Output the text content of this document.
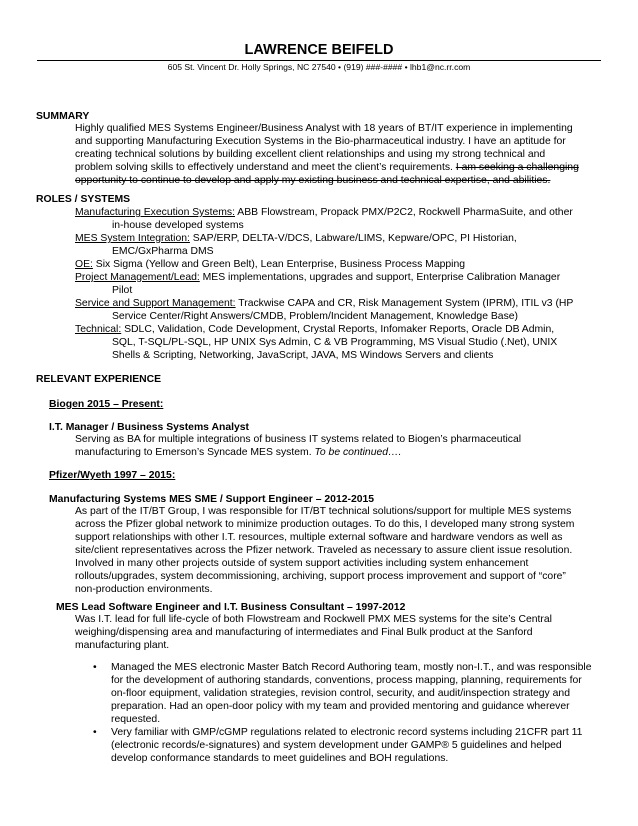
LAWRENCE BEIFELD
605 St. Vincent Dr. Holly Springs, NC 27540 • (919) ###-#### • lhb1@nc.rr.com
SUMMARY

Highly qualified MES Systems Engineer/Business Analyst with 18 years of BT/IT experience in implementing

and supporting Manufacturing Execution Systems in the Bio-pharmaceutical industry. I have an aptitude for

creating technical solutions by building excellent client relationships and using my strong technical and

problem solving skills to effectively understand and meet the client’s requirements. I am seeking a challenging

opportunity to continue to develop and apply my existing business and technical expertise, and abilities.

ROLES / SYSTEMS
Manufacturing Execution Systems: ABB Flowstream, Propack PMX/P2C2, Rockwell PharmaSuite, and other
in-house developed systems
MES System Integration: SAP/ERP, DELTA-V/DCS, Labware/LIMS, Kepware/OPC, PI Historian,
EMC/GxPharma DMS
OE: Six Sigma (Yellow and Green Belt), Lean Enterprise, Business Process Mapping
Project Management/Lead: MES implementations, upgrades and support, Enterprise Calibration Manager
Pilot
Service and Support Management: Trackwise CAPA and CR, Risk Management System (IPRM), ITIL v3 (HP
Service Center/Right Answers/CMDB, Problem/Incident Management, Knowledge Base)
Technical: SDLC, Validation, Code Development, Crystal Reports, Infomaker Reports, Oracle DB Admin,
SQL, T-SQL/PL-SQL, HP UNIX Sys Admin, C & VB Programming, MS Visual Studio (.Net), UNIX
Shells & Scripting, Networking, JavaScript, JAVA, MS Windows Servers and clients
RELEVANT EXPERIENCE
Biogen 2015 – Present:
I.T. Manager / Business Systems Analyst

Serving as BA for multiple integrations of business IT systems related to Biogen’s pharmaceutical

manufacturing to Emerson’s Syncade MES system. To be continued….

Pfizer/Wyeth 1997 – 2015:
Manufacturing Systems MES SME / Support Engineer – 2012-2015

As part of the IT/BT Group, I was responsible for IT/BT technical solutions/support for multiple MES systems

across the Pfizer global network to minimize production outages. To do this, I developed many strong system

support relationships with other I.T. resources, multiple external software and hardware vendors as well as

site/client representatives across the Pfizer network. Traveled as necessary to assure client issue resolution.

Involved in many other projects outside of system support activities including system enhancement

rollouts/upgrades, system decommissioning, archiving, support process improvement and support of “core”

non-production environments.

MES Lead Software Engineer and I.T. Business Consultant – 1997-2012

Was I.T. lead for full life-cycle of both Flowstream and Rockwell PMX MES systems for the site’s Central

weighing/dispensing area and manufacturing of intermediates and Final Bulk product at the Sanford

manufacturing plant.

• Managed the MES electronic Master Batch Record Authoring team, mostly non-I.T., and was responsible

for the development of authoring standards, conventions, process mapping, planning, requirements for

on-floor equipment, validation strategies, revision control, security, and audit/inspection strategy and

preparation. Had an open-door policy with my team and provided mentoring and guidance wherever

requested.

• Very familiar with GMP/cGMP regulations related to electronic record systems including 21CFR part 11

(electronic records/e-signatures) and system development under GAMP® 5 guidelines and helped

develop conformance standards to meet guidelines and BOH regulations.
